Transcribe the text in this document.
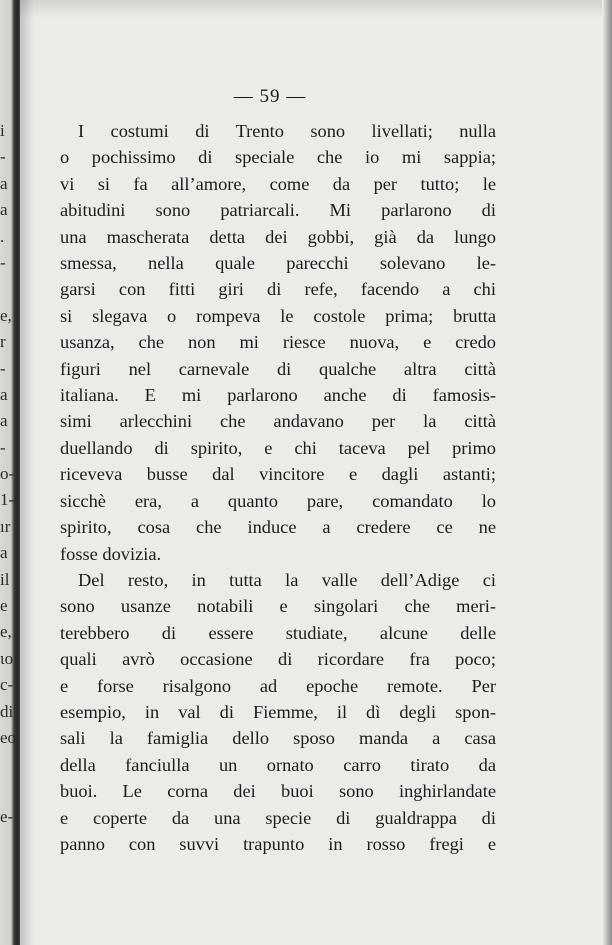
i
-
a
a
.
-
e,
r
-
a
a
-
o-
1-
ır
a
il
e
e,
ιο
c-
di
eo
e-
— 59 —
I costumi di Trento sono livellati; nulla
o pochissimo di speciale che io mi sappia;
vi si fa all’amore, come da per tutto; le
abitudini sono patriarcali. Mi parlarono di
una mascherata detta dei gobbi, già da lungo
smessa, nella quale parecchi solevano le-
garsi con fitti giri di refe, facendo a chi
si slegava o rompeva le costole prima; brutta
usanza, che non mi riesce nuova, e credo
figuri nel carnevale di qualche altra città
italiana. E mi parlarono anche di famosis-
simi arlecchini che andavano per la città
duellando di spirito, e chi taceva pel primo
riceveva busse dal vincitore e dagli astanti;
sicchè era, a quanto pare, comandato lo
spirito, cosa che induce a credere ce ne
fosse dovizia.
Del resto, in tutta la valle dell’Adige ci
sono usanze notabili e singolari che meri-
terebbero di essere studiate, alcune delle
quali avrò occasione di ricordare fra poco;
e forse risalgono ad epoche remote. Per
esempio, in val di Fiemme, il dì degli spon-
sali la famiglia dello sposo manda a casa
della fanciulla un ornato carro tirato da
buoi. Le corna dei buoi sono inghirlandate
e coperte da una specie di gualdrappa di
panno con suvvi trapunto in rosso fregi e
